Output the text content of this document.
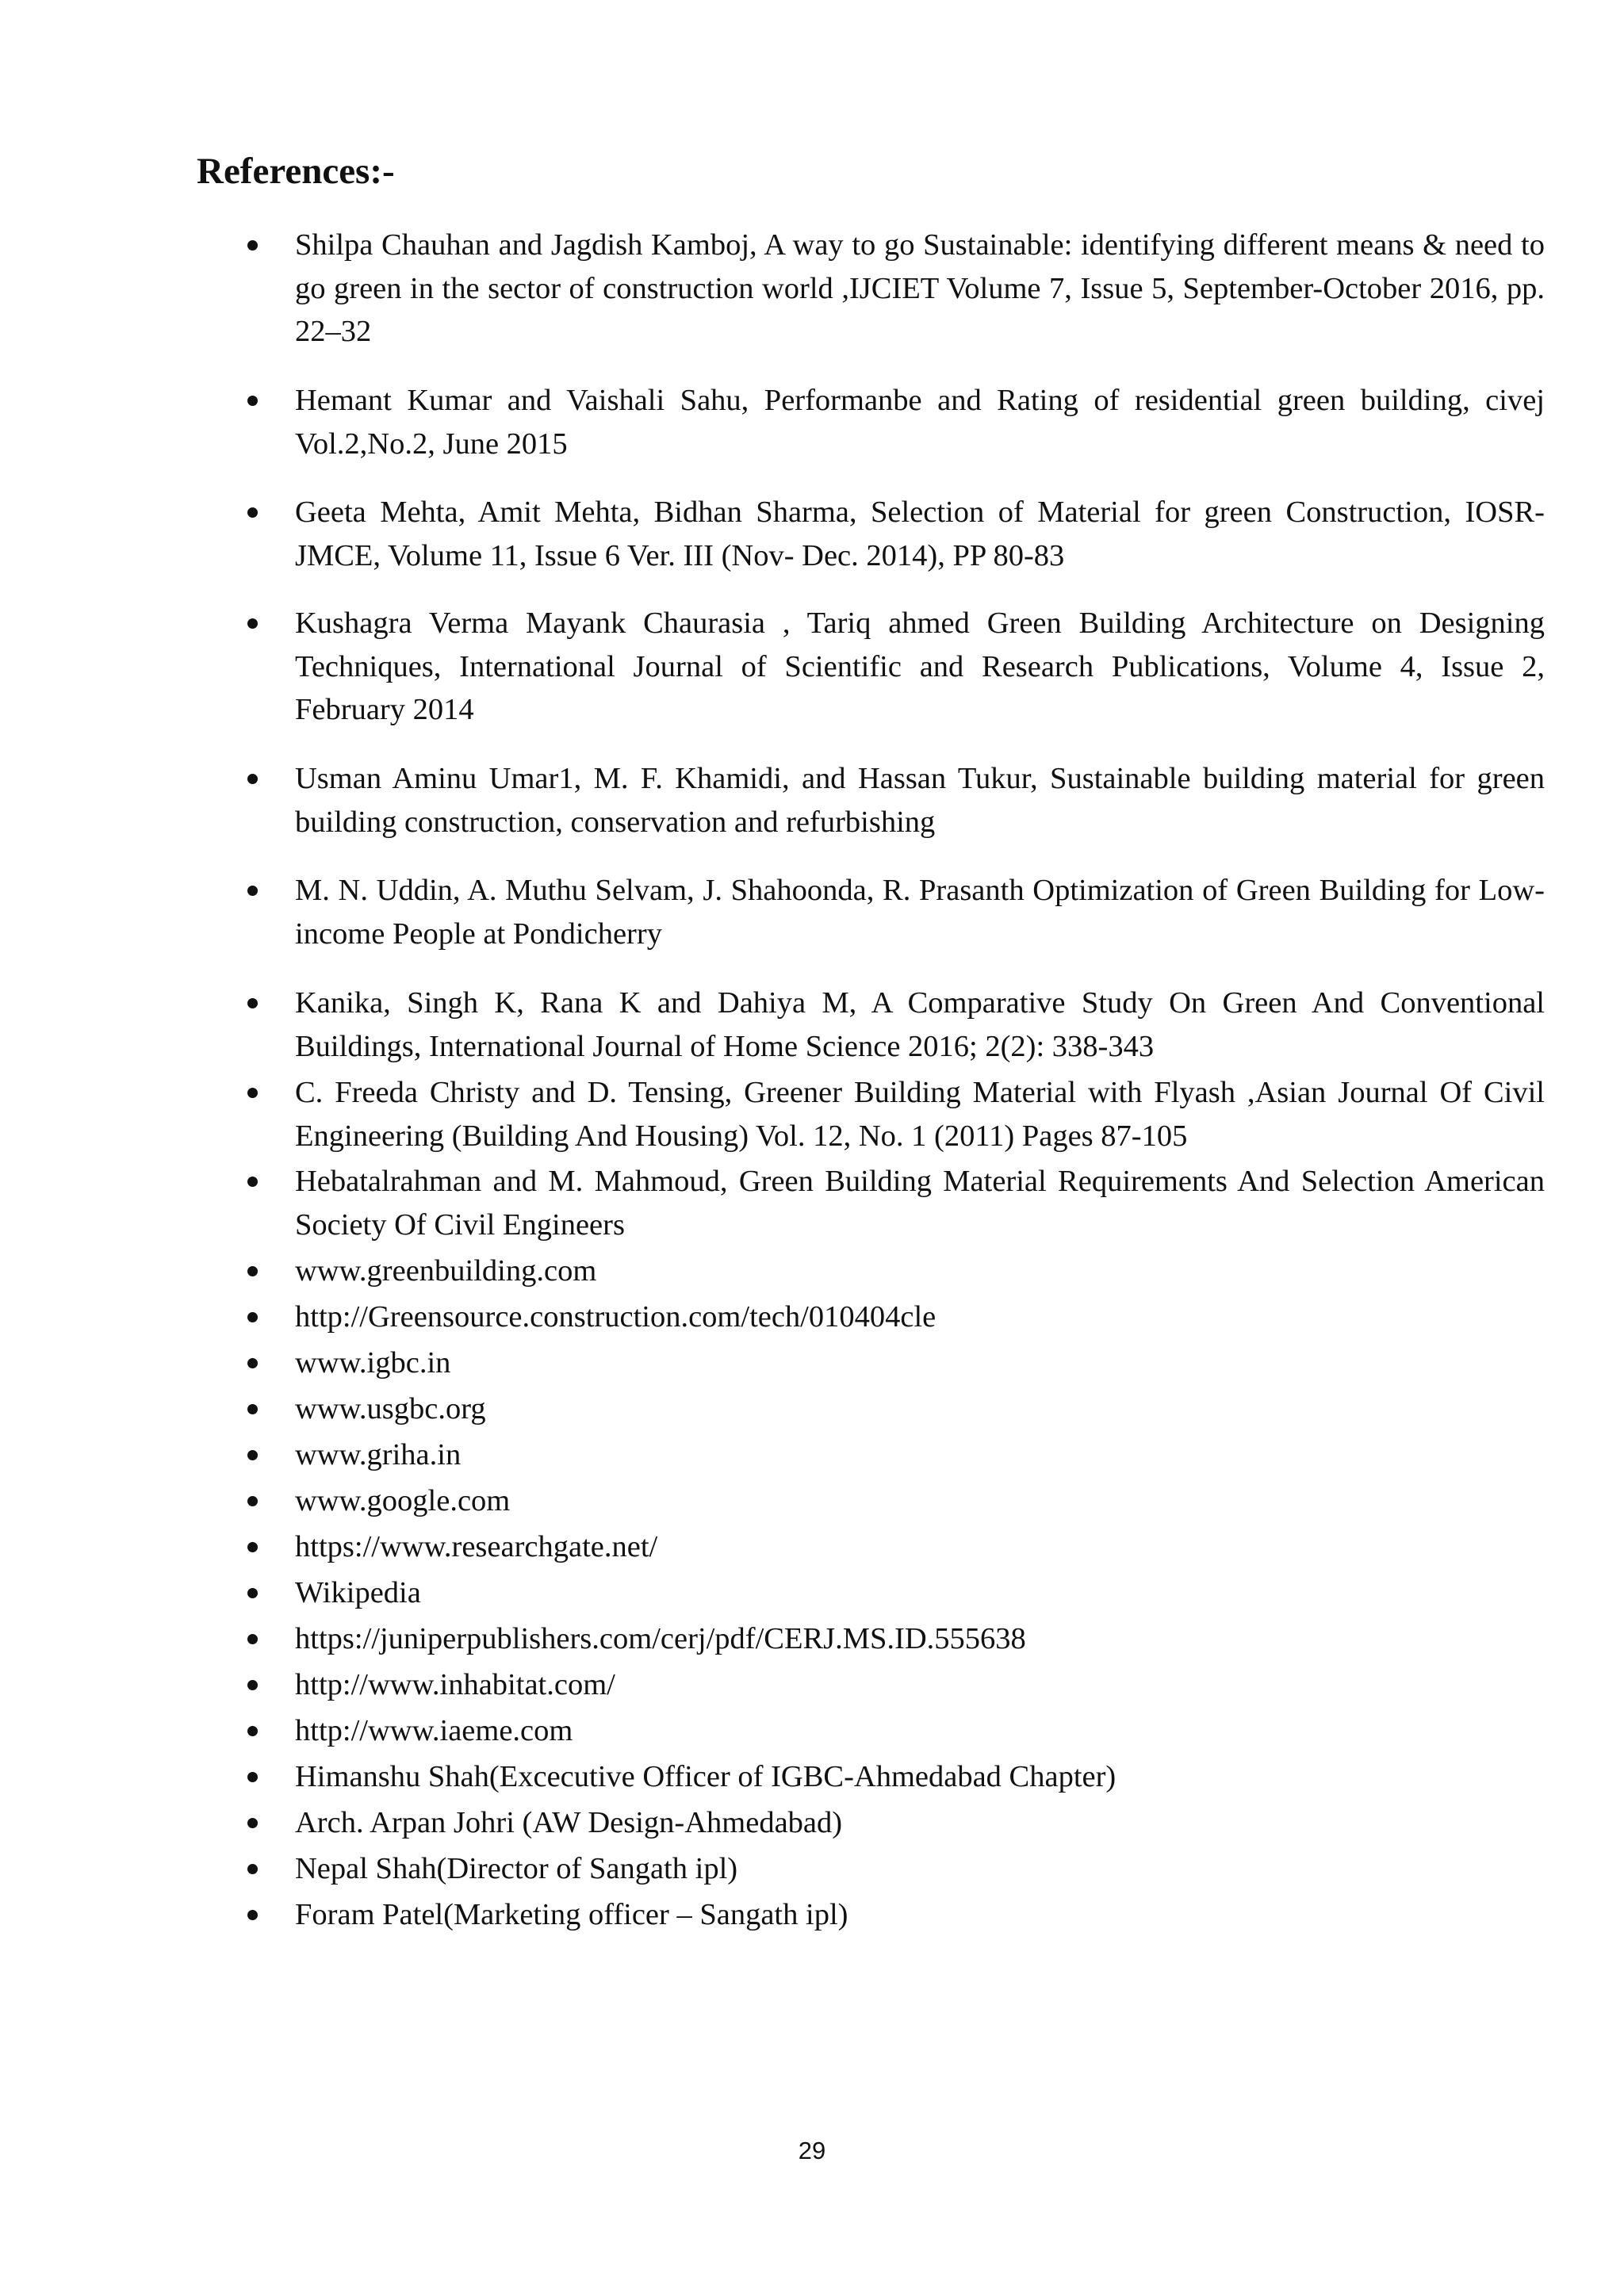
References:-
Shilpa Chauhan and Jagdish Kamboj, A way to go Sustainable: identifying different means & need to go green in the sector of construction world ,IJCIET Volume 7, Issue 5, September-October 2016, pp. 22–32
Hemant Kumar and Vaishali Sahu, Performanbe and Rating of residential green building, civej Vol.2,No.2, June 2015
Geeta Mehta, Amit Mehta, Bidhan Sharma, Selection of Material for green Construction, IOSR-JMCE, Volume 11, Issue 6 Ver. III (Nov- Dec. 2014), PP 80-83
Kushagra Verma Mayank Chaurasia , Tariq ahmed Green Building Architecture on Designing Techniques, International Journal of Scientific and Research Publications, Volume 4, Issue 2, February 2014
Usman Aminu Umar1, M. F. Khamidi, and Hassan Tukur, Sustainable building material for green building construction, conservation and refurbishing
M. N. Uddin, A. Muthu Selvam, J. Shahoonda, R. Prasanth Optimization of Green Building for Low-income People at Pondicherry
Kanika, Singh K, Rana K and Dahiya M, A Comparative Study On Green And Conventional Buildings, International Journal of Home Science 2016; 2(2): 338-343
C. Freeda Christy and D. Tensing, Greener Building Material with Flyash ,Asian Journal Of Civil Engineering (Building And Housing) Vol. 12, No. 1 (2011) Pages 87-105
Hebatalrahman and M. Mahmoud, Green Building Material Requirements And Selection American Society Of Civil Engineers
www.greenbuilding.com
http://Greensource.construction.com/tech/010404cle
www.igbc.in
www.usgbc.org
www.griha.in
www.google.com
https://www.researchgate.net/
Wikipedia
https://juniperpublishers.com/cerj/pdf/CERJ.MS.ID.555638
http://www.inhabitat.com/
http://www.iaeme.com
Himanshu Shah(Excecutive Officer of IGBC-Ahmedabad Chapter)
Arch. Arpan Johri (AW Design-Ahmedabad)
Nepal Shah(Director of Sangath ipl)
Foram Patel(Marketing officer – Sangath ipl)
29
